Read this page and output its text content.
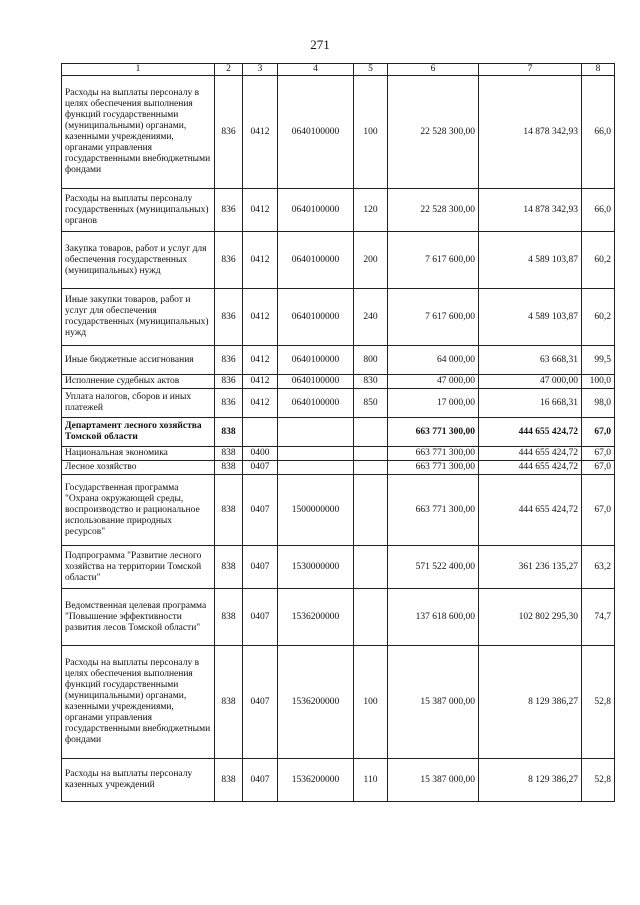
271
1	2	3	4	5	6	7	8
Расходы на выплаты персоналу в целях обеспечения выполнения функций государственными (муниципальными) органами, казенными учреждениями, органами управления государственными внебюджетными фондами	836	0412	0640100000	100	22 528 300,00	14 878 342,93	66,0
Расходы на выплаты персоналу государственных (муниципальных) органов	836	0412	0640100000	120	22 528 300,00	14 878 342,93	66,0
Закупка товаров, работ и услуг для обеспечения государственных (муниципальных) нужд	836	0412	0640100000	200	7 617 600,00	4 589 103,87	60,2
Иные закупки товаров, работ и услуг для обеспечения государственных (муниципальных) нужд	836	0412	0640100000	240	7 617 600,00	4 589 103,87	60,2
Иные бюджетные ассигнования	836	0412	0640100000	800	64 000,00	63 668,31	99,5
Исполнение судебных актов	836	0412	0640100000	830	47 000,00	47 000,00	100,0
Уплата налогов, сборов и иных платежей	836	0412	0640100000	850	17 000,00	16 668,31	98,0
Департамент лесного хозяйства Томской области	838				663 771 300,00	444 655 424,72	67,0
Национальная экономика	838	0400			663 771 300,00	444 655 424,72	67,0
Лесное хозяйство	838	0407			663 771 300,00	444 655 424,72	67,0
Государственная программа "Охрана окружающей среды, воспроизводство и рациональное использование природных ресурсов"	838	0407	1500000000		663 771 300,00	444 655 424,72	67,0
Подпрограмма "Развитие лесного хозяйства на территории Томской области"	838	0407	1530000000		571 522 400,00	361 236 135,27	63,2
Ведомственная целевая программа "Повышение эффективности развития лесов Томской области"	838	0407	1536200000		137 618 600,00	102 802 295,30	74,7
Расходы на выплаты персоналу в целях обеспечения выполнения функций государственными (муниципальными) органами, казенными учреждениями, органами управления государственными внебюджетными фондами	838	0407	1536200000	100	15 387 000,00	8 129 386,27	52,8
Расходы на выплаты персоналу казенных учреждений	838	0407	1536200000	110	15 387 000,00	8 129 386,27	52,8
